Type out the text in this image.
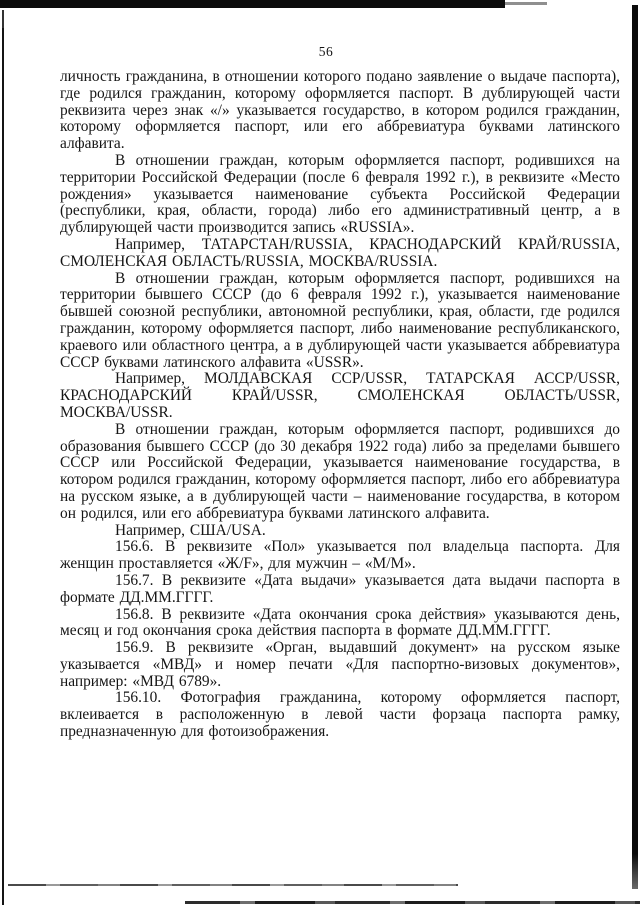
56

личность гражданина, в отношении которого подано заявление о выдаче паспорта), где родился гражданин, которому оформляется паспорт. В дублирующей части реквизита через знак «/» указывается государство, в котором родился гражданин, которому оформляется паспорт, или его аббревиатура буквами латинского алфавита.

В отношении граждан, которым оформляется паспорт, родившихся на территории Российской Федерации (после 6 февраля 1992 г.), в реквизите «Место рождения» указывается наименование субъекта Российской Федерации (республики, края, области, города) либо его административный центр, а в дублирующей части производится запись «RUSSIA».

Например, ТАТАРСТАН/RUSSIA, КРАСНОДАРСКИЙ КРАЙ/RUSSIA, СМОЛЕНСКАЯ ОБЛАСТЬ/RUSSIA, МОСКВА/RUSSIA.

В отношении граждан, которым оформляется паспорт, родившихся на территории бывшего СССР (до 6 февраля 1992 г.), указывается наименование бывшей союзной республики, автономной республики, края, области, где родился гражданин, которому оформляется паспорт, либо наименование республиканского, краевого или областного центра, а в дублирующей части указывается аббревиатура СССР буквами латинского алфавита «USSR».

Например, МОЛДАВСКАЯ ССР/USSR, ТАТАРСКАЯ АССР/USSR, КРАСНОДАРСКИЙ КРАЙ/USSR, СМОЛЕНСКАЯ ОБЛАСТЬ/USSR, МОСКВА/USSR.

В отношении граждан, которым оформляется паспорт, родившихся до образования бывшего СССР (до 30 декабря 1922 года) либо за пределами бывшего СССР или Российской Федерации, указывается наименование государства, в котором родился гражданин, которому оформляется паспорт, либо его аббревиатура на русском языке, а в дублирующей части – наименование государства, в котором он родился, или его аббревиатура буквами латинского алфавита.

Например, США/USA.

156.6. В реквизите «Пол» указывается пол владельца паспорта. Для женщин проставляется «Ж/F», для мужчин – «М/М».

156.7. В реквизите «Дата выдачи» указывается дата выдачи паспорта в формате ДД.ММ.ГГГГ.

156.8. В реквизите «Дата окончания срока действия» указываются день, месяц и год окончания срока действия паспорта в формате ДД.ММ.ГГГГ.

156.9. В реквизите «Орган, выдавший документ» на русском языке указывается «МВД» и номер печати «Для паспортно-визовых документов», например: «МВД 6789».

156.10. Фотография гражданина, которому оформляется паспорт, вклеивается в расположенную в левой части форзаца паспорта рамку, предназначенную для фотоизображения.
